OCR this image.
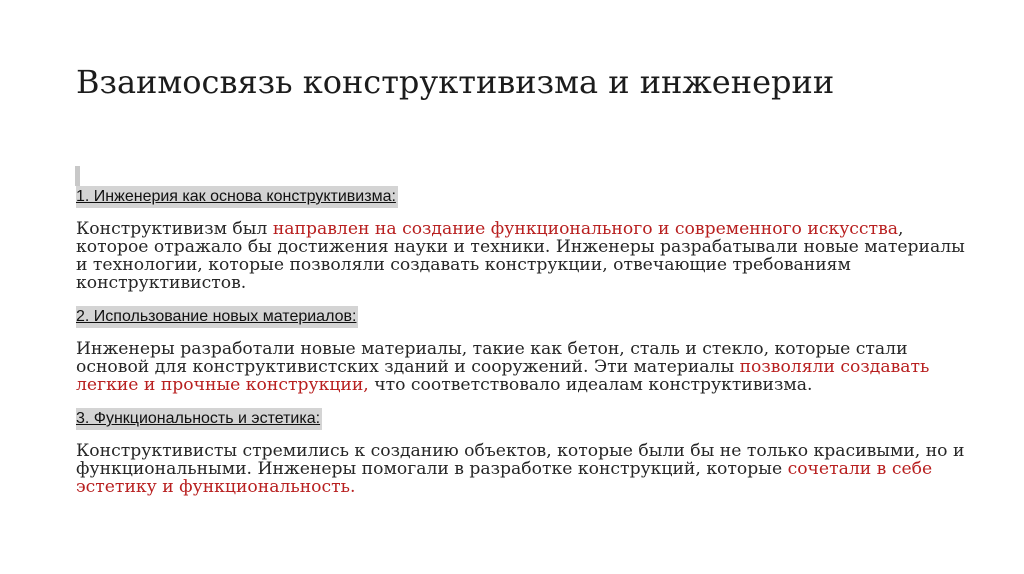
Взаимосвязь конструктивизма и инженерии
1. Инженерия как основа конструктивизма:

Конструктивизм был направлен на создание функционального и современного искусства, которое отражало бы достижения науки и техники. Инженеры разрабатывали новые материалы и технологии, которые позволяли создавать конструкции, отвечающие требованиям конструктивистов.

2. Использование новых материалов:

Инженеры разработали новые материалы, такие как бетон, сталь и стекло, которые стали основой для конструктивистских зданий и сооружений. Эти материалы позволяли создавать легкие и прочные конструкции, что соответствовало идеалам конструктивизма.

3. Функциональность и эстетика:

Конструктивисты стремились к созданию объектов, которые были бы не только красивыми, но и функциональными. Инженеры помогали в разработке конструкций, которые сочетали в себе эстетику и функциональность.
